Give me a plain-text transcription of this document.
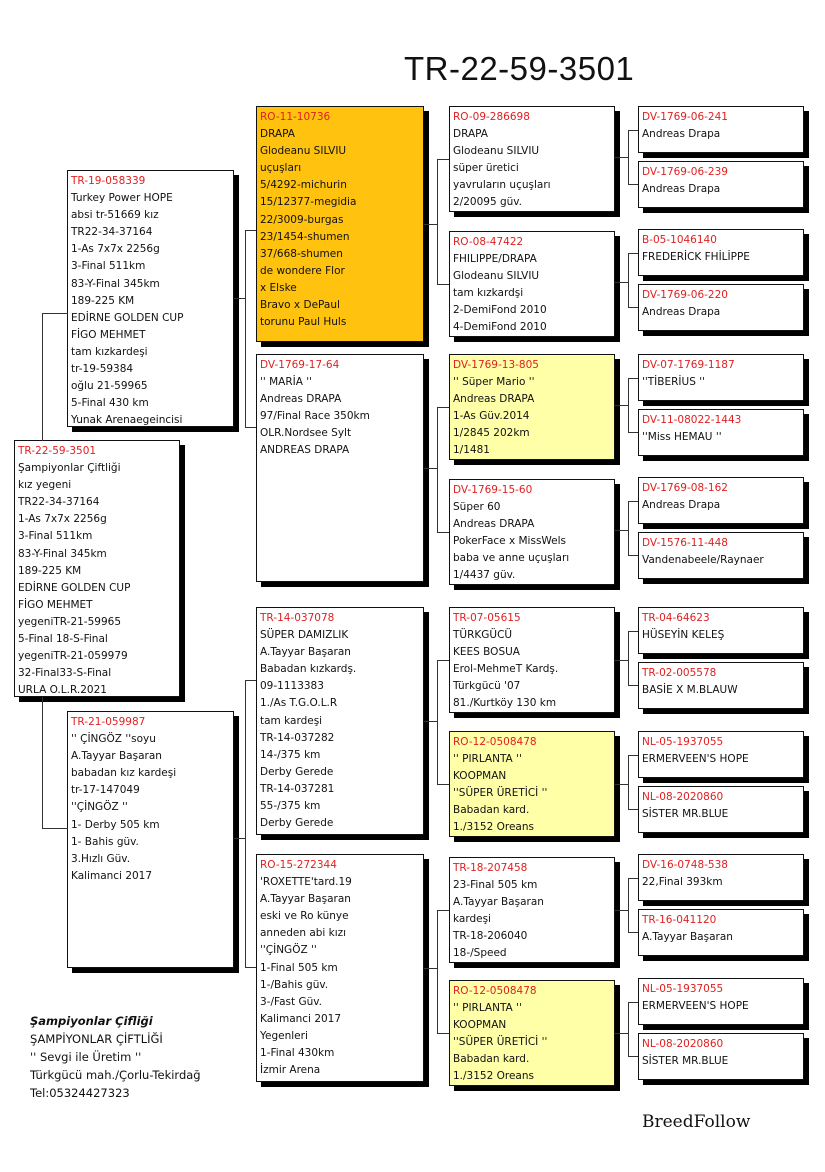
TR-22-59-3501
TR-22-59-3501
Şampiyonlar Çiftliği
kız yegeni
TR22-34-37164
1-As 7x7x 2256g
3-Final 511km
83-Y-Final 345km
189-225 KM
EDİRNE GOLDEN CUP
FİGO MEHMET
yegeniTR-21-59965
5-Final 18-S-Final
yegeniTR-21-059979
32-Final33-S-Final
URLA O.L.R.2021
TR-19-058339
Turkey Power HOPE
absi tr-51669 kız
TR22-34-37164
1-As 7x7x 2256g
3-Final 511km
83-Y-Final 345km
189-225 KM
EDİRNE GOLDEN CUP
FİGO MEHMET
tam kızkardeşi
tr-19-59384
oğlu 21-59965
5-Final 430 km
Yunak Arenaegeincisi
TR-21-059987
'' ÇİNGÖZ ''soyu
A.Tayyar Başaran
babadan kız kardeşi
tr-17-147049
''ÇİNGÖZ ''
1- Derby 505 km
1- Bahis güv.
3.Hızlı Güv.
Kalimanci 2017
RO-11-10736
DRAPA
Glodeanu SILVIU
uçuşları
5/4292-michurin
15/12377-megidia
22/3009-burgas
23/1454-shumen
37/668-shumen
de wondere Flor
x Elske
Bravo x DePaul
torunu Paul Huls
DV-1769-17-64
'' MARİA ''
Andreas DRAPA
97/Final Race 350km
OLR.Nordsee Sylt
ANDREAS DRAPA
TR-14-037078
SÜPER DAMIZLIK
A.Tayyar Başaran
Babadan kızkardş.
09-1113383
1./As T.G.O.L.R
tam kardeşi
TR-14-037282
14-/375 km
Derby Gerede
TR-14-037281
55-/375 km
Derby Gerede
RO-15-272344
'ROXETTE'tard.19
A.Tayyar Başaran
eski ve Ro künye
anneden abi kızı
''ÇİNGÖZ ''
1-Final 505 km
1-/Bahis güv.
3-/Fast Güv.
Kalimanci 2017
Yegenleri
1-Final 430km
İzmir Arena
RO-09-286698
DRAPA
Glodeanu SILVIU
süper üretici
yavruların uçuşları
2/20095 güv.
RO-08-47422
FHILIPPE/DRAPA
Glodeanu SILVIU
tam kızkardşi
2-DemiFond 2010
4-DemiFond 2010
DV-1769-13-805
'' Süper Mario ''
Andreas DRAPA
1-As Güv.2014
1/2845 202km
1/1481
DV-1769-15-60
Süper 60
Andreas DRAPA
PokerFace x MissWels
baba ve anne uçuşları
1/4437 güv.
TR-07-05615
TÜRKGÜCÜ
KEES BOSUA
Erol-MehmeT Kardş.
Türkgücü '07
81./Kurtköy 130 km
RO-12-0508478
'' PIRLANTA ''
KOOPMAN
''SÜPER ÜRETİCİ ''
Babadan kard.
1./3152 Oreans
TR-18-207458
23-Final 505 km
A.Tayyar Başaran
kardeşi
TR-18-206040
18-/Speed
RO-12-0508478
'' PIRLANTA ''
KOOPMAN
''SÜPER ÜRETİCİ ''
Babadan kard.
1./3152 Oreans
DV-1769-06-241
Andreas Drapa
DV-1769-06-239
Andreas Drapa
B-05-1046140
FREDERİCK FHİLİPPE
DV-1769-06-220
Andreas Drapa
DV-07-1769-1187
''TİBERİUS ''
DV-11-08022-1443
''Miss HEMAU ''
DV-1769-08-162
Andreas Drapa
DV-1576-11-448
Vandenabeele/Raynaer
TR-04-64623
HÜSEYİN KELEŞ
TR-02-005578
BASİE X M.BLAUW
NL-05-1937055
ERMERVEEN'S HOPE
NL-08-2020860
SİSTER MR.BLUE
DV-16-0748-538
22,Final 393km
TR-16-041120
A.Tayyar Başaran
NL-05-1937055
ERMERVEEN'S HOPE
NL-08-2020860
SİSTER MR.BLUE
Şampiyonlar Çifliği
ŞAMPİYONLAR ÇİFTLİĞİ
'' Sevgi ile Üretim ''
Türkgücü mah./Çorlu-Tekirdağ
Tel:05324427323
BreedFollow
